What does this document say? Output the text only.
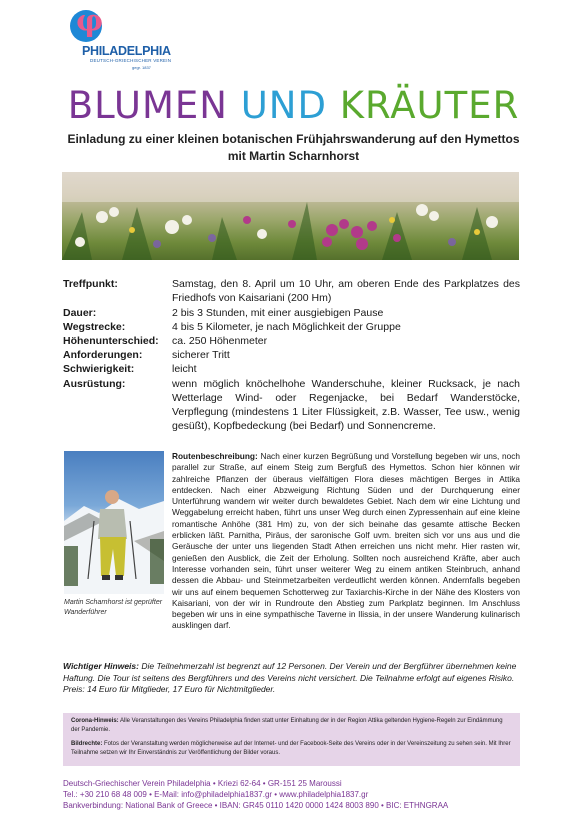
φ
PHILADELPHIA
DEUTSCH-GRIECHISCHER VEREIN
gegr. 1837
BLUMEN UND KRÄUTER
Einladung zu einer kleinen botanischen Frühjahrswanderung auf den Hymettos
mit Martin Scharnhorst
Treffpunkt:	Samstag, den 8. April um 10 Uhr, am oberen Ende des Parkplatzes des Friedhofs von Kaisariani (200 Hm)
Dauer:	2 bis 3 Stunden, mit einer ausgiebigen Pause
Wegstrecke:	4 bis 5 Kilometer, je nach Möglichkeit der Gruppe
Höhenunterschied: ca. 250 Höhenmeter
Anforderungen:	sicherer Tritt
Schwierigkeit:	leicht
Ausrüstung:	wenn möglich knöchelhohe Wanderschuhe, kleiner Rucksack, je nach Wetterlage Wind- oder Regenjacke, bei Bedarf Wanderstöcke, Verpflegung (mindestens 1 Liter Flüssigkeit, z.B. Wasser, Tee usw., wenig gesüßt), Kopfbedeckung (bei Bedarf) und Sonnencreme.
Martin Scharnhorst ist geprüfter Wanderführer
Routenbeschreibung: Nach einer kurzen Begrüßung und Vorstellung begeben wir uns, noch parallel zur Straße, auf einem Steig zum Bergfuß des Hymettos. Schon hier können wir zahlreiche Pflanzen der überaus vielfältigen Flora dieses mächtigen Berges in Attika entdecken. Nach einer Abzweigung Richtung Süden und der Durchquerung einer Unterführung wandern wir weiter durch bewaldetes Gebiet. Nach dem wir eine Lichtung und Weggabelung erreicht haben, führt uns unser Weg durch einen Zypressenhain auf eine kleine romantische Anhöhe (381 Hm) zu, von der sich beinahe das gesamte attische Becken erblicken läßt. Parnitha, Piräus, der saronische Golf uvm. breiten sich vor uns aus und die Geräusche der unter uns liegenden Stadt Athen erreichen uns nicht mehr. Hier rasten wir, genießen den Ausblick, die Zeit der Erholung. Sollten noch ausreichend Kräfte, aber auch Interesse vorhanden sein, führt unser weiterer Weg zu einem antiken Steinbruch, anhand dessen die Abbau- und Steinmetzarbeiten verdeutlicht werden können. Andernfalls begeben wir uns auf einem bequemen Schotterweg zur Taxiarchis-Kirche in der Nähe des Klosters von Kaisariani, von der wir in Rundroute den Abstieg zum Parkplatz beginnen. Im Anschluss begeben wir uns in eine sympathische Taverne in Ilissia, in der unsere Wanderung kulinarisch ausklingen darf.
Wichtiger Hinweis: Die Teilnehmerzahl ist begrenzt auf 12 Personen. Der Verein und der Bergführer übernehmen keine Haftung. Die Tour ist seitens des Bergführers und des Vereins nicht versichert. Die Teilnahme erfolgt auf eigenes Risiko. Preis: 14 Euro für Mitglieder, 17 Euro für Nichtmitglieder.
Corona-Hinweis: Alle Veranstaltungen des Vereins Philadelphia finden statt unter Einhaltung der in der Region Attika geltenden Hygiene-Regeln zur Eindämmung der Pandemie.
Bildrechte: Fotos der Veranstaltung werden möglicherweise auf der Internet- und der Facebook-Seite des Vereins oder in der Vereinszeitung zu sehen sein. Mit Ihrer Teilnahme setzen wir Ihr Einverständnis zur Veröffentlichung der Bilder voraus.
Deutsch-Griechischer Verein Philadelphia • Kriezi 62-64 • GR-151 25 Maroussi
Tel.: +30 210 68 48 009 • E-Mail: info@philadelphia1837.gr • www.philadelphia1837.gr
Bankverbindung: National Bank of Greece • IBAN: GR45 0110 1420 0000 1424 8003 890 • BIC: ETHNGRAA
